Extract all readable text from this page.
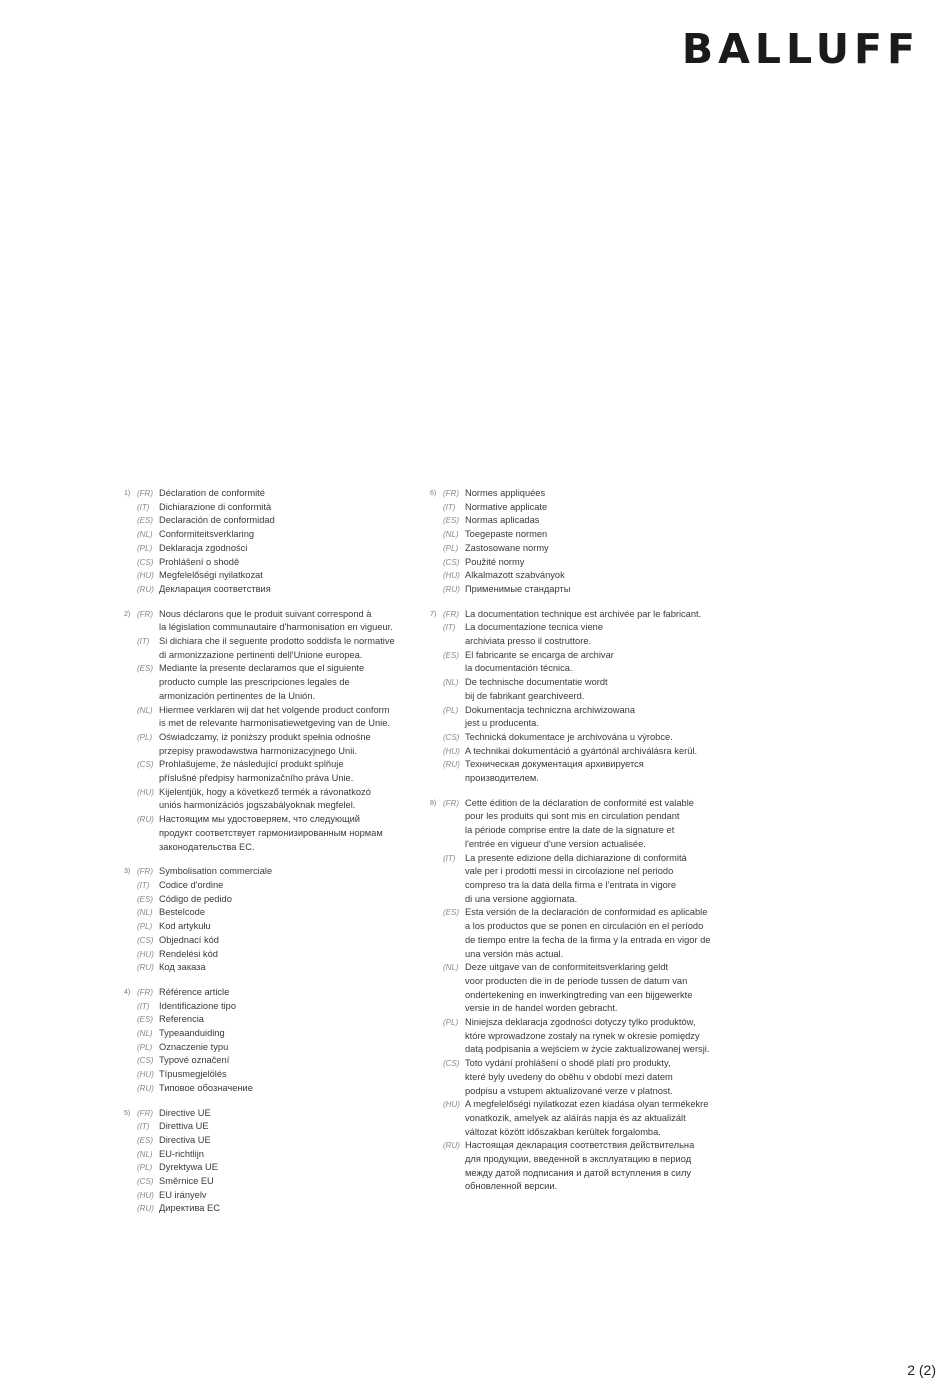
BALLUFF
1)	( FR ) Déclaration de conformité
( IT ) Dichiarazione di conformità
( ES ) Declaración de conformidad
( NL ) Conformiteitsverklaring
( PL ) Deklaracja zgodności
( CS ) Prohlášení o shodě
( HU ) Megfelelőségi nyilatkozat
( RU ) Декларация соответствия
2)	( FR ) Nous déclarons que le produit suivant correspond à
la législation communautaire d'harmonisation en vigueur.
( IT ) Si dichiara che il seguente prodotto soddisfa le normative
di armonizzazione pertinenti dell'Unione europea.
( ES ) Mediante la presente declaramos que el siguiente
producto cumple las prescripciones legales de
armonización pertinentes de la Unión.
( NL ) Hiermee verklaren wij dat het volgende product conform
is met de relevante harmonisatiewetgeving van de Unie.
( PL ) Oświadczamy, iż poniższy produkt spełnia odnośne
przepisy prawodawstwa harmonizacyjnego Unii.
( CS ) Prohlašujeme, že následující produkt splňuje
příslušné předpisy harmonizačního práva Unie.
( HU ) Kijelentjük, hogy a következő termék a rávonatkozó
uniós harmonizációs jogszabályoknak megfelel.
( RU ) Настоящим мы удостоверяем, что следующий
продукт соответствует гармонизированным нормам
законодательства ЕС.
3)	( FR ) Symbolisation commerciale
( IT ) Codice d'ordine
( ES ) Código de pedido
( NL ) Bestelcode
( PL ) Kod artykułu
( CS ) Objednací kód
( HU ) Rendelési kód
( RU ) Код заказа
4)	( FR ) Référence article
( IT ) Identificazione tipo
( ES ) Referencia
( NL ) Typeaanduiding
( PL ) Oznaczenie typu
( CS ) Typové označení
( HU ) Típusmegjelölés
( RU ) Типовое обозначение
5)	( FR ) Directive UE
( IT ) Direttiva UE
( ES ) Directiva UE
( NL ) EU-richtlijn
( PL ) Dyrektywa UE
( CS ) Směrnice EU
( HU ) EU irányelv
( RU ) Директива ЕС
6)	( FR ) Normes appliquées
( IT ) Normative applicate
( ES ) Normas aplicadas
( NL ) Toegepaste normen
( PL ) Zastosowane normy
( CS ) Použité normy
( HU ) Alkalmazott szabványok
( RU ) Применимые стандарты
7)	( FR ) La documentation technique est archivée par le fabricant.
( IT ) La documentazione tecnica viene
archiviata presso il costruttore.
( ES ) El fabricante se encarga de archivar
la documentación técnica.
( NL ) De technische documentatie wordt
bij de fabrikant gearchiveerd.
( PL ) Dokumentacja techniczna archiwizowana
jest u producenta.
( CS ) Technická dokumentace je archivována u výrobce.
( HU ) A technikai dokumentáció a gyártónál archiválásra kerül.
( RU ) Техническая документация архивируется
производителем.
8)	( FR ) Cette édition de la déclaration de conformité est valable
pour les produits qui sont mis en circulation pendant
la période comprise entre la date de la signature et
l'entrée en vigueur d'une version actualisée.
( IT ) La presente edizione della dichiarazione di conformità
vale per i prodotti messi in circolazione nel periodo
compreso tra la data della firma e l'entrata in vigore
di una versione aggiornata.
( ES ) Esta versión de la declaración de conformidad es aplicable
a los productos que se ponen en circulación en el período
de tiempo entre la fecha de la firma y la entrada en vigor de
una versión más actual.
( NL ) Deze uitgave van de conformiteitsverklaring geldt
voor producten die in de periode tussen de datum van
ondertekening en inwerkingtreding van een bijgewerkte
versie in de handel worden gebracht.
( PL ) Niniejsza deklaracja zgodności dotyczy tylko produktów,
które wprowadzone zostały na rynek w okresie pomiędzy
datą podpisania a wejściem w życie zaktualizowanej wersji.
( CS ) Toto vydání prohlášení o shodě platí pro produkty,
které byly uvedeny do oběhu v období mezi datem
podpisu a vstupem aktualizované verze v platnost.
( HU ) A megfelelőségi nyilatkozat ezen kiadása olyan termékekre
vonatkozik, amelyek az aláírás napja és az aktualizált
változat között időszakban kerültek forgalomba.
( RU ) Настоящая декларация соответствия действительна
для продукции, введенной в эксплуатацию в период
между датой подписания и датой вступления в силу
обновленной версии.
2 (2)
